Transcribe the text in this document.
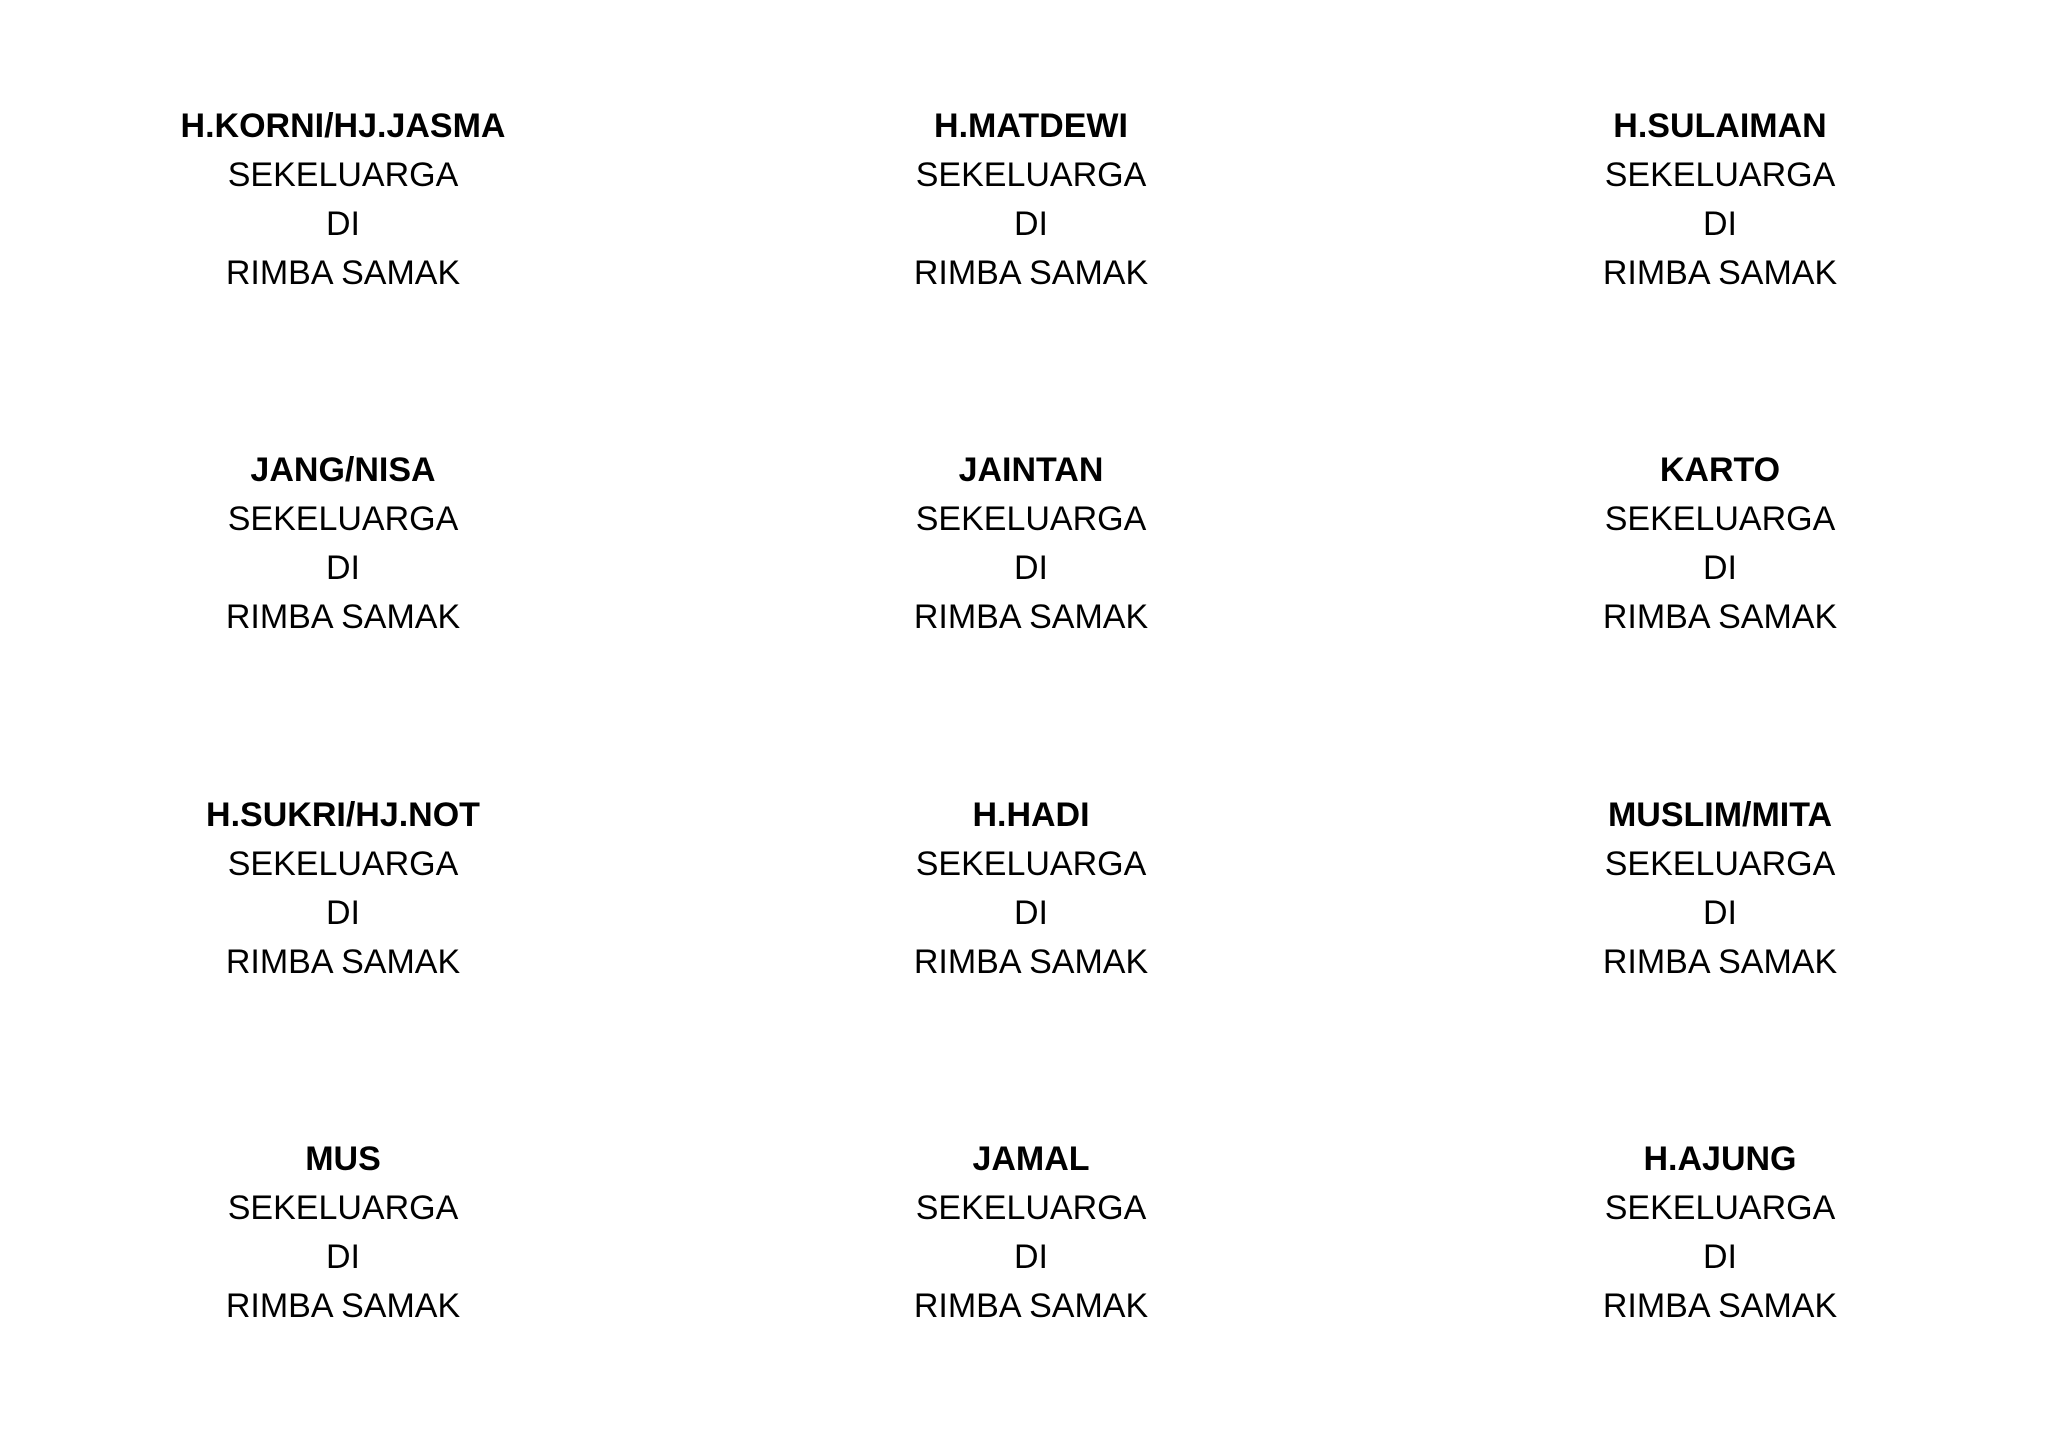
H.KORNI/HJ.JASMA
SEKELUARGA
DI
RIMBA SAMAK
H.MATDEWI
SEKELUARGA
DI
RIMBA SAMAK
H.SULAIMAN
SEKELUARGA
DI
RIMBA SAMAK
JANG/NISA
SEKELUARGA
DI
RIMBA SAMAK
JAINTAN
SEKELUARGA
DI
RIMBA SAMAK
KARTO
SEKELUARGA
DI
RIMBA SAMAK
H.SUKRI/HJ.NOT
SEKELUARGA
DI
RIMBA SAMAK
H.HADI
SEKELUARGA
DI
RIMBA SAMAK
MUSLIM/MITA
SEKELUARGA
DI
RIMBA SAMAK
MUS
SEKELUARGA
DI
RIMBA SAMAK
JAMAL
SEKELUARGA
DI
RIMBA SAMAK
H.AJUNG
SEKELUARGA
DI
RIMBA SAMAK
